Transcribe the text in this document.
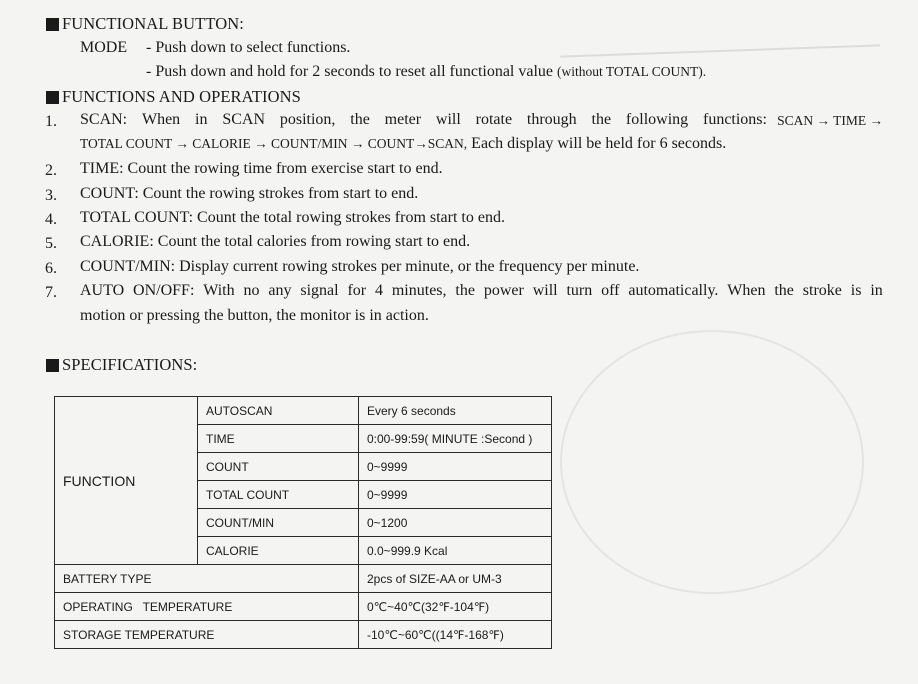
FUNCTIONAL BUTTON:
MODE - Push down to select functions.
- Push down and hold for 2 seconds to reset all functional value (without TOTAL COUNT).
FUNCTIONS AND OPERATIONS
1. SCAN: When in SCAN position, the meter will rotate through the following functions: SCAN → TIME →
TOTAL COUNT → CALORIE → COUNT/MIN → COUNT→SCAN, Each display will be held for 6 seconds.
2. TIME: Count the rowing time from exercise start to end.
3. COUNT: Count the rowing strokes from start to end.
4. TOTAL COUNT: Count the total rowing strokes from start to end.
5. CALORIE: Count the total calories from rowing start to end.
6. COUNT/MIN: Display current rowing strokes per minute, or the frequency per minute.
7. AUTO ON/OFF: With no any signal for 4 minutes, the power will turn off automatically. When the stroke is in
motion or pressing the button, the monitor is in action.
SPECIFICATIONS:
FUNCTION	AUTOSCAN	Every 6 seconds
	TIME	0:00-99:59( MINUTE :Second )
	COUNT	0~9999
	TOTAL COUNT	0~9999
	COUNT/MIN	0~1200
	CALORIE	0.0~999.9 Kcal
BATTERY TYPE		2pcs of SIZE-AA or UM-3
OPERATING   TEMPERATURE		0℃~40℃(32℉-104℉)
STORAGE TEMPERATURE		-10℃~60℃((14℉-168℉)
